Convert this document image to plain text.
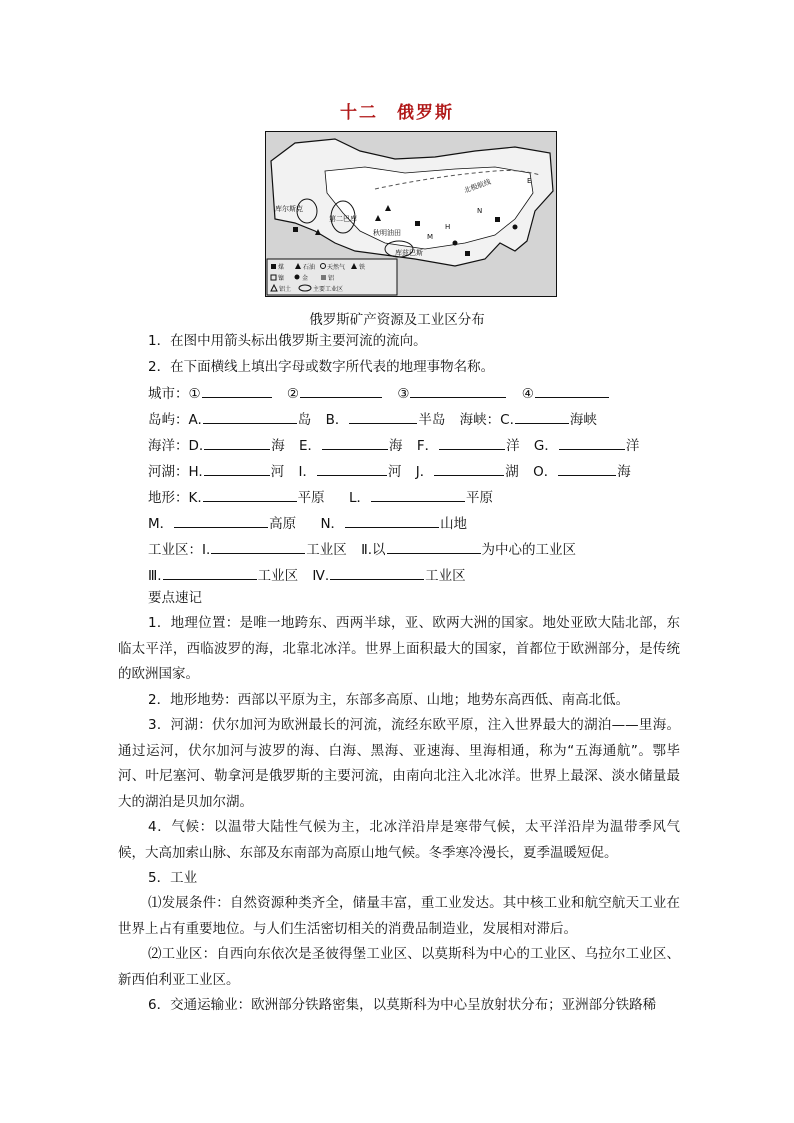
十二　俄罗斯
煤	石油 天然气 铁
镍	金	铝
铝土	主要工业区
库尔斯克
第二巴库
秋明油田
库兹巴斯
北极航线
M
N
H
E
俄罗斯矿产资源及工业区分布
1．在图中用箭头标出俄罗斯主要河流的流向。
2．在下面横线上填出字母或数字所代表的地理事物名称。
城市：①	②	③	④
岛屿：A.	岛 B．	半岛 海峡：C.	海峡
海洋：D.	海 E．	海 F．	洋 G．	洋
河湖：H.	河 I．	河 J．	湖 O．	海
地形：K.	平原 L．	平原
M．	高原 N．	山地
工业区：Ⅰ.	工业区 Ⅱ.以	为中心的工业区
Ⅲ.	工业区 Ⅳ.	工业区
要点速记
1．地理位置：是唯一地跨东、西两半球，亚、欧两大洲的国家。地处亚欧大陆北部，东临太平洋，西临波罗的海，北靠北冰洋。世界上面积最大的国家，首都位于欧洲部分，是传统的欧洲国家。
2．地形地势：西部以平原为主，东部多高原、山地；地势东高西低、南高北低。
3．河湖：伏尔加河为欧洲最长的河流，流经东欧平原，注入世界最大的湖泊——里海。通过运河，伏尔加河与波罗的海、白海、黑海、亚速海、里海相通，称为“五海通航”。鄂毕河、叶尼塞河、勒拿河是俄罗斯的主要河流，由南向北注入北冰洋。世界上最深、淡水储量最大的湖泊是贝加尔湖。
4．气候：以温带大陆性气候为主，北冰洋沿岸是寒带气候，太平洋沿岸为温带季风气候，大高加索山脉、东部及东南部为高原山地气候。冬季寒冷漫长，夏季温暖短促。
5．工业
⑴发展条件：自然资源种类齐全，储量丰富，重工业发达。其中核工业和航空航天工业在世界上占有重要地位。与人们生活密切相关的消费品制造业，发展相对滞后。
⑵工业区：自西向东依次是圣彼得堡工业区、以莫斯科为中心的工业区、乌拉尔工业区、新西伯利亚工业区。
6．交通运输业：欧洲部分铁路密集，以莫斯科为中心呈放射状分布；亚洲部分铁路稀
